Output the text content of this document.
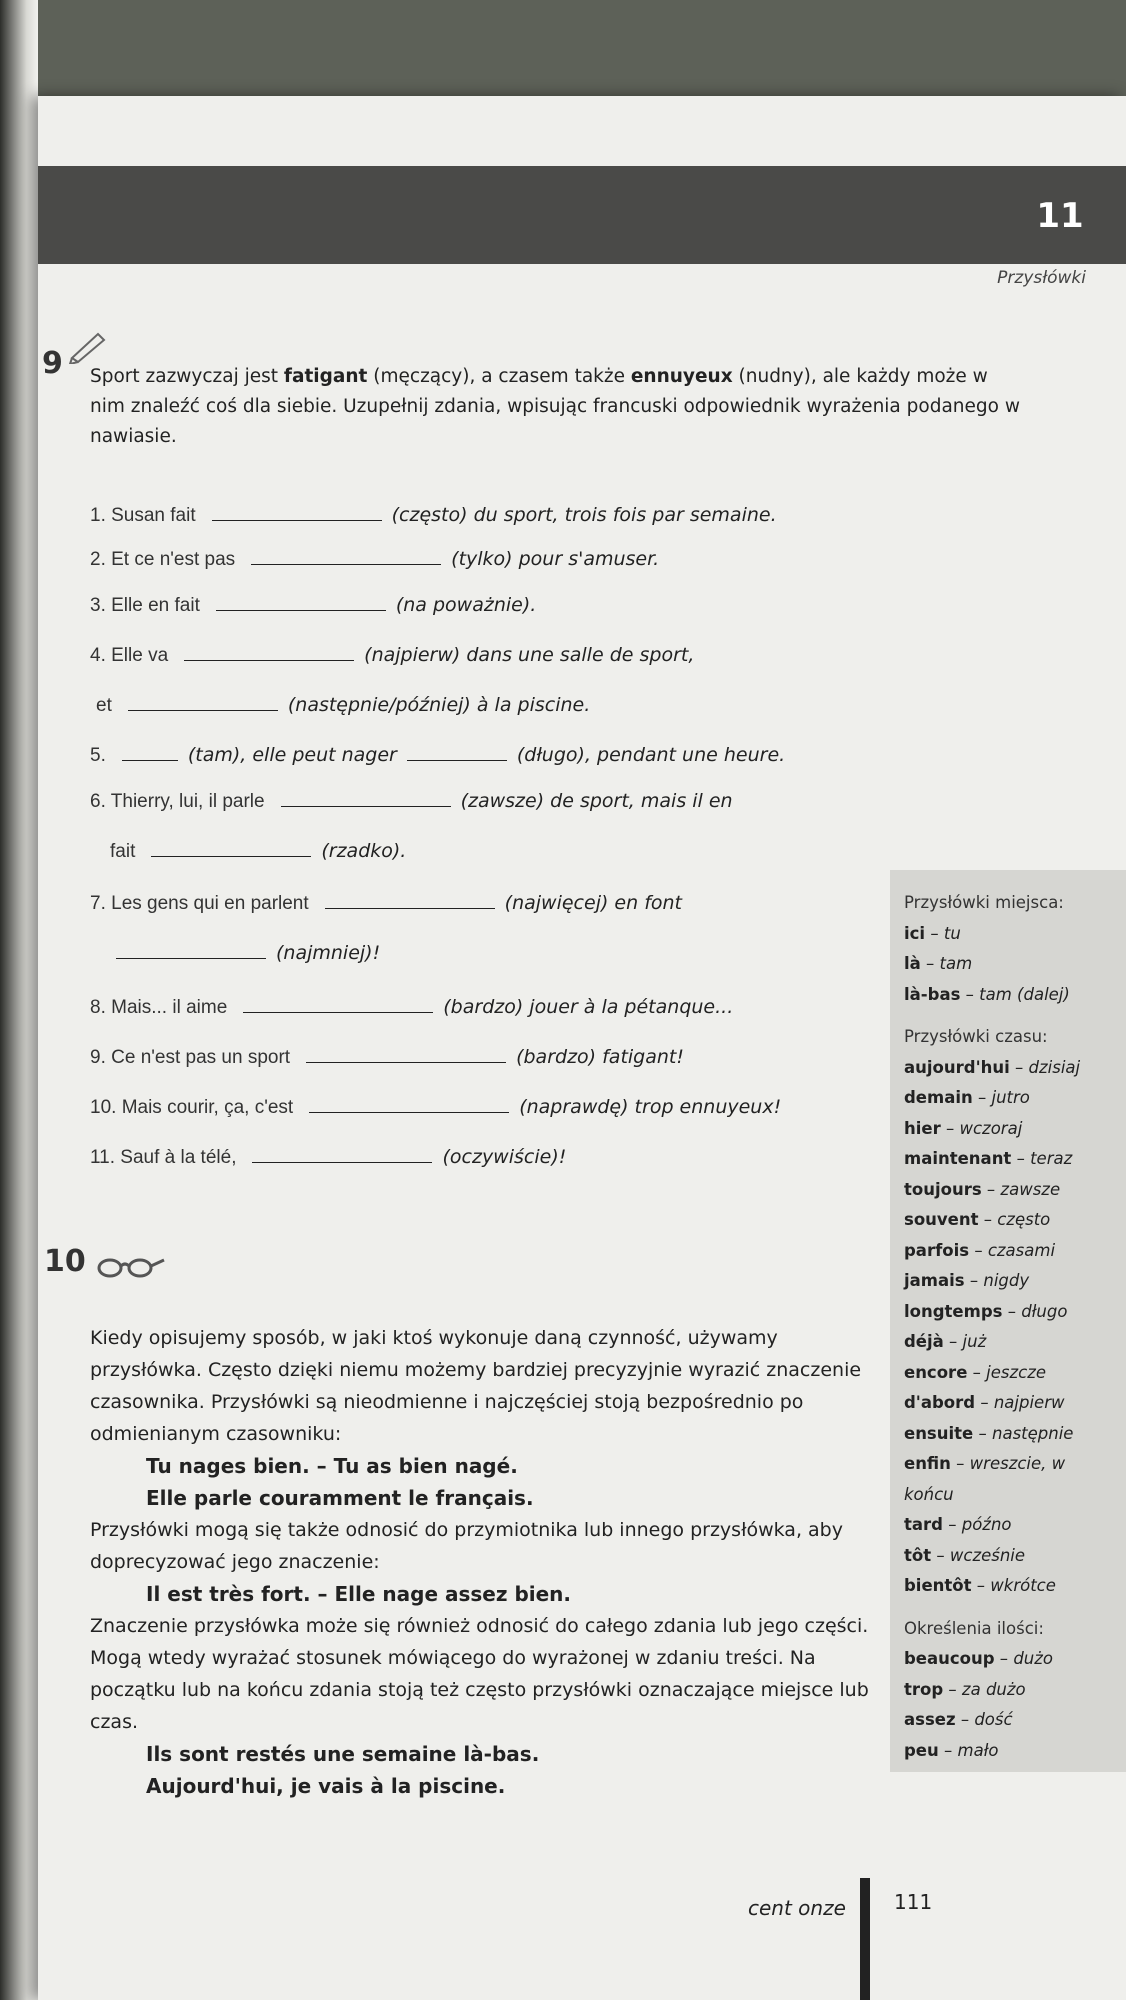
11
Przysłówki
9 Sport zazwyczaj jest fatigant (męczący), a czasem także ennuyeux (nudny), ale każdy może w nim znaleźć coś dla siebie. Uzupełnij zdania, wpisując francuski odpowiednik wyrażenia podanego w nawiasie.
1. Susan fait	(często) du sport, trois fois par semaine.
2. Et ce n'est pas	(tylko) pour s'amuser.
3. Elle en fait	(na poważnie).
4. Elle va	(najpierw) dans une salle de sport,
et	(następnie/później) à la piscine.
5.	(tam), elle peut nager	(długo), pendant une heure.
6. Thierry, lui, il parle	(zawsze) de sport, mais il en
fait	(rzadko).
7. Les gens qui en parlent	(najwięcej) en font
(najmniej)!
8. Mais... il aime	(bardzo) jouer à la pétanque...
9. Ce n'est pas un sport	(bardzo) fatigant!
10. Mais courir, ça, c'est	(naprawdę) trop ennuyeux!
11. Sauf à la télé,	(oczywiście)!
Przysłówki miejsca:
ici – tu
là – tam
là-bas – tam (dalej)
Przysłówki czasu:
aujourd'hui – dzisiaj
demain – jutro
hier – wczoraj
maintenant – teraz
toujours – zawsze
souvent – często
parfois – czasami
jamais – nigdy
longtemps – długo
déjà – już
encore – jeszcze
d'abord – najpierw
ensuite – następnie
enfin – wreszcie, w końcu
tard – późno
tôt – wcześnie
bientôt – wkrótce
Określenia ilości:
beaucoup – dużo
trop – za dużo
assez – dość
peu – mało
10
Kiedy opisujemy sposób, w jaki ktoś wykonuje daną czynność, używamy przysłówka. Często dzięki niemu możemy bardziej precyzyjnie wyrazić znaczenie czasownika. Przysłówki są nieodmienne i najczęściej stoją bezpośrednio po odmienianym czasowniku:
Tu nages bien. – Tu as bien nagé.
Elle parle couramment le français.
Przysłówki mogą się także odnosić do przymiotnika lub innego przysłówka, aby doprecyzować jego znaczenie:
Il est très fort. – Elle nage assez bien.
Znaczenie przysłówka może się również odnosić do całego zdania lub jego części. Mogą wtedy wyrażać stosunek mówiącego do wyrażonej w zdaniu treści. Na początku lub na końcu zdania stoją też często przysłówki oznaczające miejsce lub czas.
Ils sont restés une semaine là-bas.
Aujourd'hui, je vais à la piscine.
cent onze 111
